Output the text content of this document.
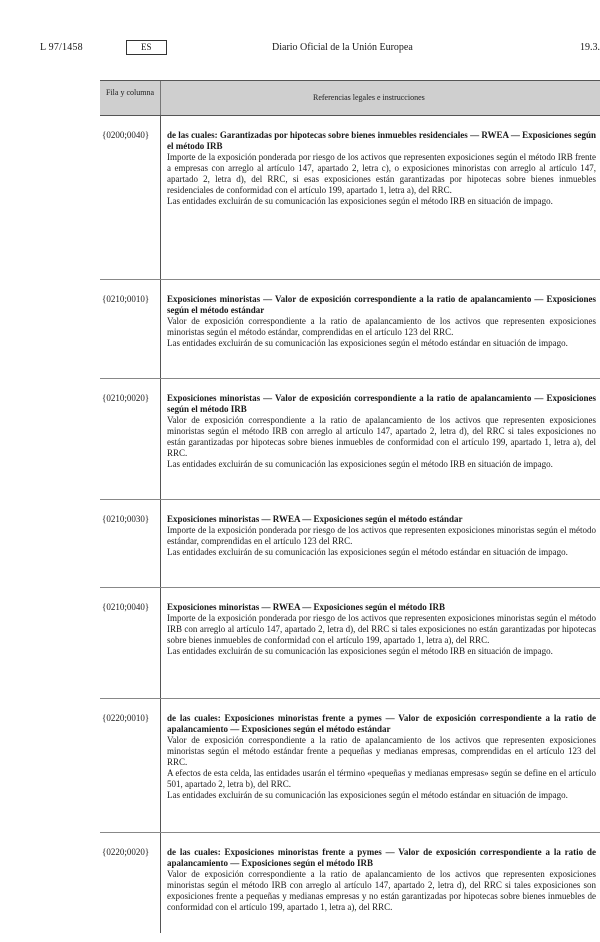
L 97/1458	ES	Diario Oficial de la Unión Europea	19.3.
Fila y columna
Referencias legales e instrucciones
{0200;0040}	de las cuales: Garantizadas por hipotecas sobre bienes inmuebles residenciales — RWEA — Exposiciones según el método IRB

Importe de la exposición ponderada por riesgo de los activos que representen exposiciones según el método IRB frente a empresas con arreglo al artículo 147, apartado 2, letra c), o exposiciones minoristas con arreglo al artículo 147, apartado 2, letra d), del RRC, si esas exposiciones están garantizadas por hipotecas sobre bienes inmuebles residenciales de conformidad con el artículo 199, apartado 1, letra a), del RRC.

Las entidades excluirán de su comunicación las exposiciones según el método IRB en situación de impago.

{0210;0010}	Exposiciones minoristas — Valor de exposición correspondiente a la ratio de apalancamiento — Exposiciones según el método estándar

Valor de exposición correspondiente a la ratio de apalancamiento de los activos que representen exposiciones minoristas según el método estándar, comprendidas en el artículo 123 del RRC.

Las entidades excluirán de su comunicación las exposiciones según el método estándar en situación de impago.

{0210;0020}	Exposiciones minoristas — Valor de exposición correspondiente a la ratio de apalancamiento — Exposiciones según el método IRB

Valor de exposición correspondiente a la ratio de apalancamiento de los activos que representen exposiciones minoristas según el método IRB con arreglo al artículo 147, apartado 2, letra d), del RRC si tales exposiciones no están garantizadas por hipotecas sobre bienes inmuebles de conformidad con el artículo 199, apartado 1, letra a), del RRC.

Las entidades excluirán de su comunicación las exposiciones según el método IRB en situación de impago.

{0210;0030}	Exposiciones minoristas — RWEA — Exposiciones según el método estándar

Importe de la exposición ponderada por riesgo de los activos que representen exposiciones minoristas según el método estándar, comprendidas en el artículo 123 del RRC.

Las entidades excluirán de su comunicación las exposiciones según el método estándar en situación de impago.

{0210;0040}	Exposiciones minoristas — RWEA — Exposiciones según el método IRB

Importe de la exposición ponderada por riesgo de los activos que representen exposiciones minoristas según el método IRB con arreglo al artículo 147, apartado 2, letra d), del RRC si tales exposiciones no están garantizadas por hipotecas sobre bienes inmuebles de conformidad con el artículo 199, apartado 1, letra a), del RRC.

Las entidades excluirán de su comunicación las exposiciones según el método IRB en situación de impago.

{0220;0010}	de las cuales: Exposiciones minoristas frente a pymes — Valor de exposición correspondiente a la ratio de apalancamiento — Exposiciones según el método estándar

Valor de exposición correspondiente a la ratio de apalancamiento de los activos que representen exposiciones minoristas según el método estándar frente a pequeñas y medianas empresas, comprendidas en el artículo 123 del RRC.

A efectos de esta celda, las entidades usarán el término «pequeñas y medianas empresas» según se define en el artículo 501, apartado 2, letra b), del RRC.

Las entidades excluirán de su comunicación las exposiciones según el método estándar en situación de impago.

{0220;0020}	de las cuales: Exposiciones minoristas frente a pymes — Valor de exposición correspondiente a la ratio de apalancamiento — Exposiciones según el método IRB

Valor de exposición correspondiente a la ratio de apalancamiento de los activos que representen exposiciones minoristas según el método IRB con arreglo al artículo 147, apartado 2, letra d), del RRC si tales exposiciones son exposiciones frente a pequeñas y medianas empresas y no están garantizadas por hipotecas sobre bienes inmuebles de conformidad con el artículo 199, apartado 1, letra a), del RRC.
